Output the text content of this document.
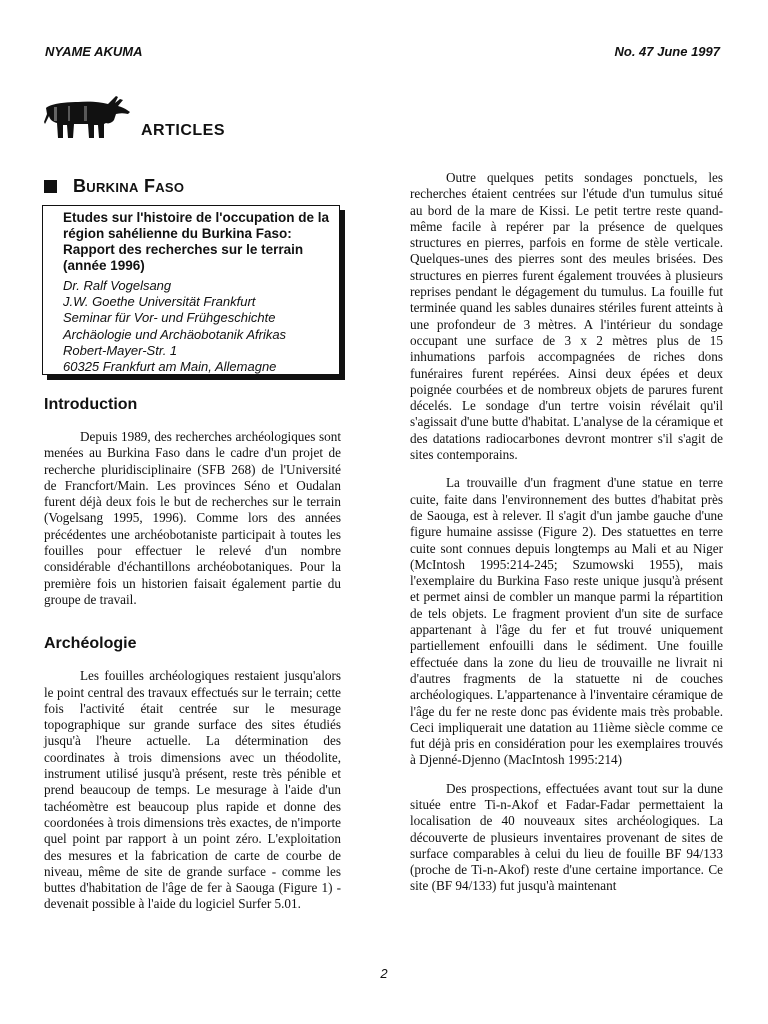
NYAME AKUMA	No. 47 June 1997
ARTICLES
Burkina Faso
Etudes sur l'histoire de l'occupation de la région sahélienne du Burkina Faso: Rapport des recherches sur le terrain (année 1996)
Dr. Ralf Vogelsang
J.W. Goethe Universität Frankfurt
Seminar für Vor- und Frühgeschichte
Archäologie und Archäobotanik Afrikas
Robert-Mayer-Str. 1
60325 Frankfurt am Main, Allemagne
Introduction

Depuis 1989, des recherches archéologiques sont menées au Burkina Faso dans le cadre d'un projet de recherche pluridisciplinaire (SFB 268) de l'Université de Francfort/Main. Les provinces Séno et Oudalan furent déjà deux fois le but de recherches sur le terrain (Vogelsang 1995, 1996). Comme lors des années précédentes une archéobotaniste participait à toutes les fouilles pour effectuer le relevé d'un nombre considérable d'échantillons archéobotaniques. Pour la première fois un historien faisait également partie du groupe de travail.

Archéologie

Les fouilles archéologiques restaient jusqu'alors le point central des travaux effectués sur le terrain; cette fois l'activité était centrée sur le mesurage topographique sur grande surface des sites étudiés jusqu'à l'heure actuelle. La détermination des coordinates à trois dimensions avec un théodolite, instrument utilisé jusqu'à présent, reste très pénible et prend beaucoup de temps. Le mesurage à l'aide d'un tachéomètre est beaucoup plus rapide et donne des coordonées à trois dimensions très exactes, de n'importe quel point par rapport à un point zéro. L'exploitation des mesures et la fabrication de carte de courbe de niveau, même de site de grande surface - comme les buttes d'habitation de l'âge de fer à Saouga (Figure 1) - devenait possible à l'aide du logiciel Surfer 5.01.

Outre quelques petits sondages ponctuels, les recherches étaient centrées sur l'étude d'un tumulus situé au bord de la mare de Kissi. Le petit tertre reste quand-même facile à repérer par la présence de quelques structures en pierres, parfois en forme de stèle verticale. Quelques-unes des pierres sont des meules brisées. Des structures en pierres furent également trouvées à plusieurs reprises pendant le dégagement du tumulus. La fouille fut terminée quand les sables dunaires stériles furent atteints à une profondeur de 3 mètres. A l'intérieur du sondage occupant une surface de 3 x 2 mètres plus de 15 inhumations parfois accompagnées de riches dons funéraires furent repérées. Ainsi deux épées et deux poignée courbées et de nombreux objets de parures furent décelés. Le sondage d'un tertre voisin révélait qu'il s'agissait d'une butte d'habitat. L'analyse de la céramique et des datations radiocarbones devront montrer s'il s'agit de sites contemporains.

La trouvaille d'un fragment d'une statue en terre cuite, faite dans l'environnement des buttes d'habitat près de Saouga, est à relever. Il s'agit d'un jambe gauche d'une figure humaine assisse (Figure 2). Des statuettes en terre cuite sont connues depuis longtemps au Mali et au Niger (McIntosh 1995:214-245; Szumowski 1955), mais l'exemplaire du Burkina Faso reste unique jusqu'à présent et permet ainsi de combler un manque parmi la répartition de tels objets. Le fragment provient d'un site de surface appartenant à l'âge du fer et fut trouvé uniquement partiellement enfouilli dans le sédiment. Une fouille effectuée dans la zone du lieu de trouvaille ne livrait ni d'autres fragments de la statuette ni de couches archéologiques. L'appartenance à l'inventaire céramique de l'âge du fer ne reste donc pas évidente mais très probable. Ceci impliquerait une datation au 11ième siècle comme ce fut déjà pris en considération pour les exemplaires trouvés à Djenné-Djenno (MacIntosh 1995:214)

Des prospections, effectuées avant tout sur la dune située entre Ti-n-Akof et Fadar-Fadar permettaient la localisation de 40 nouveaux sites archéologiques. La découverte de plusieurs inventaires provenant de sites de surface comparables à celui du lieu de fouille BF 94/133 (proche de Ti-n-Akof) reste d'une certaine importance. Ce site (BF 94/133) fut jusqu'à maintenant

2
